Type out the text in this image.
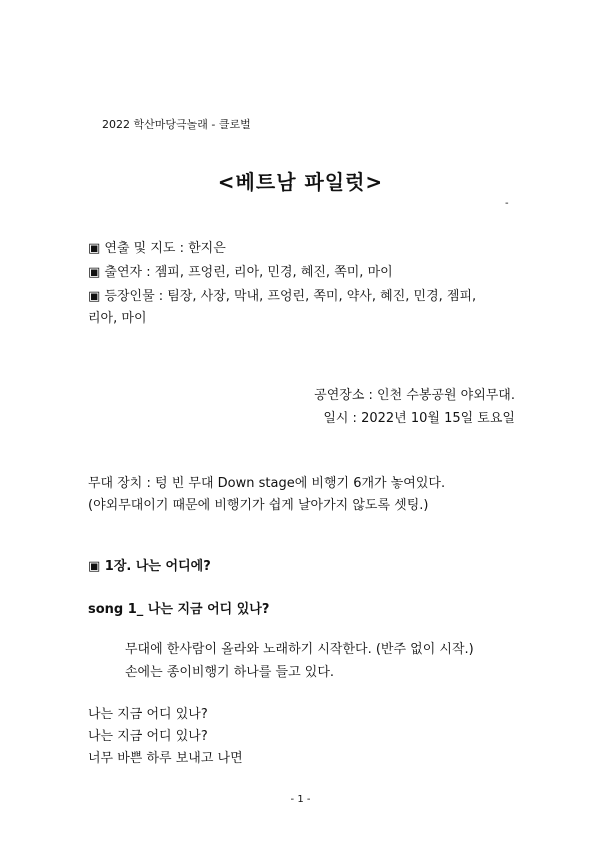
2022 학산마당극놀래 - 클로벌
<베트남 파일럿>
-
▣ 연출 및 지도 : 한지은
▣ 출연자 : 젬피, 프엉린, 리아, 민경, 혜진, 쪽미, 마이
▣ 등장인물 : 팀장, 사장, 막내, 프엉린, 쪽미, 약사, 혜진, 민경, 젬피,
리아, 마이
공연장소 : 인천 수봉공원 야외무대.
일시 : 2022년 10월 15일 토요일
무대 장치 : 텅 빈 무대 Down stage에 비행기 6개가 놓여있다.
(야외무대이기 때문에 비행기가 쉽게 날아가지 않도록 셋팅.)
▣ 1장. 나는 어디에?
song 1_ 나는 지금 어디 있나?
무대에 한사람이 올라와 노래하기 시작한다. (반주 없이 시작.)
손에는 종이비행기 하나를 들고 있다.
나는 지금 어디 있나?
나는 지금 어디 있나?
너무 바쁜 하루 보내고 나면
- 1 -
